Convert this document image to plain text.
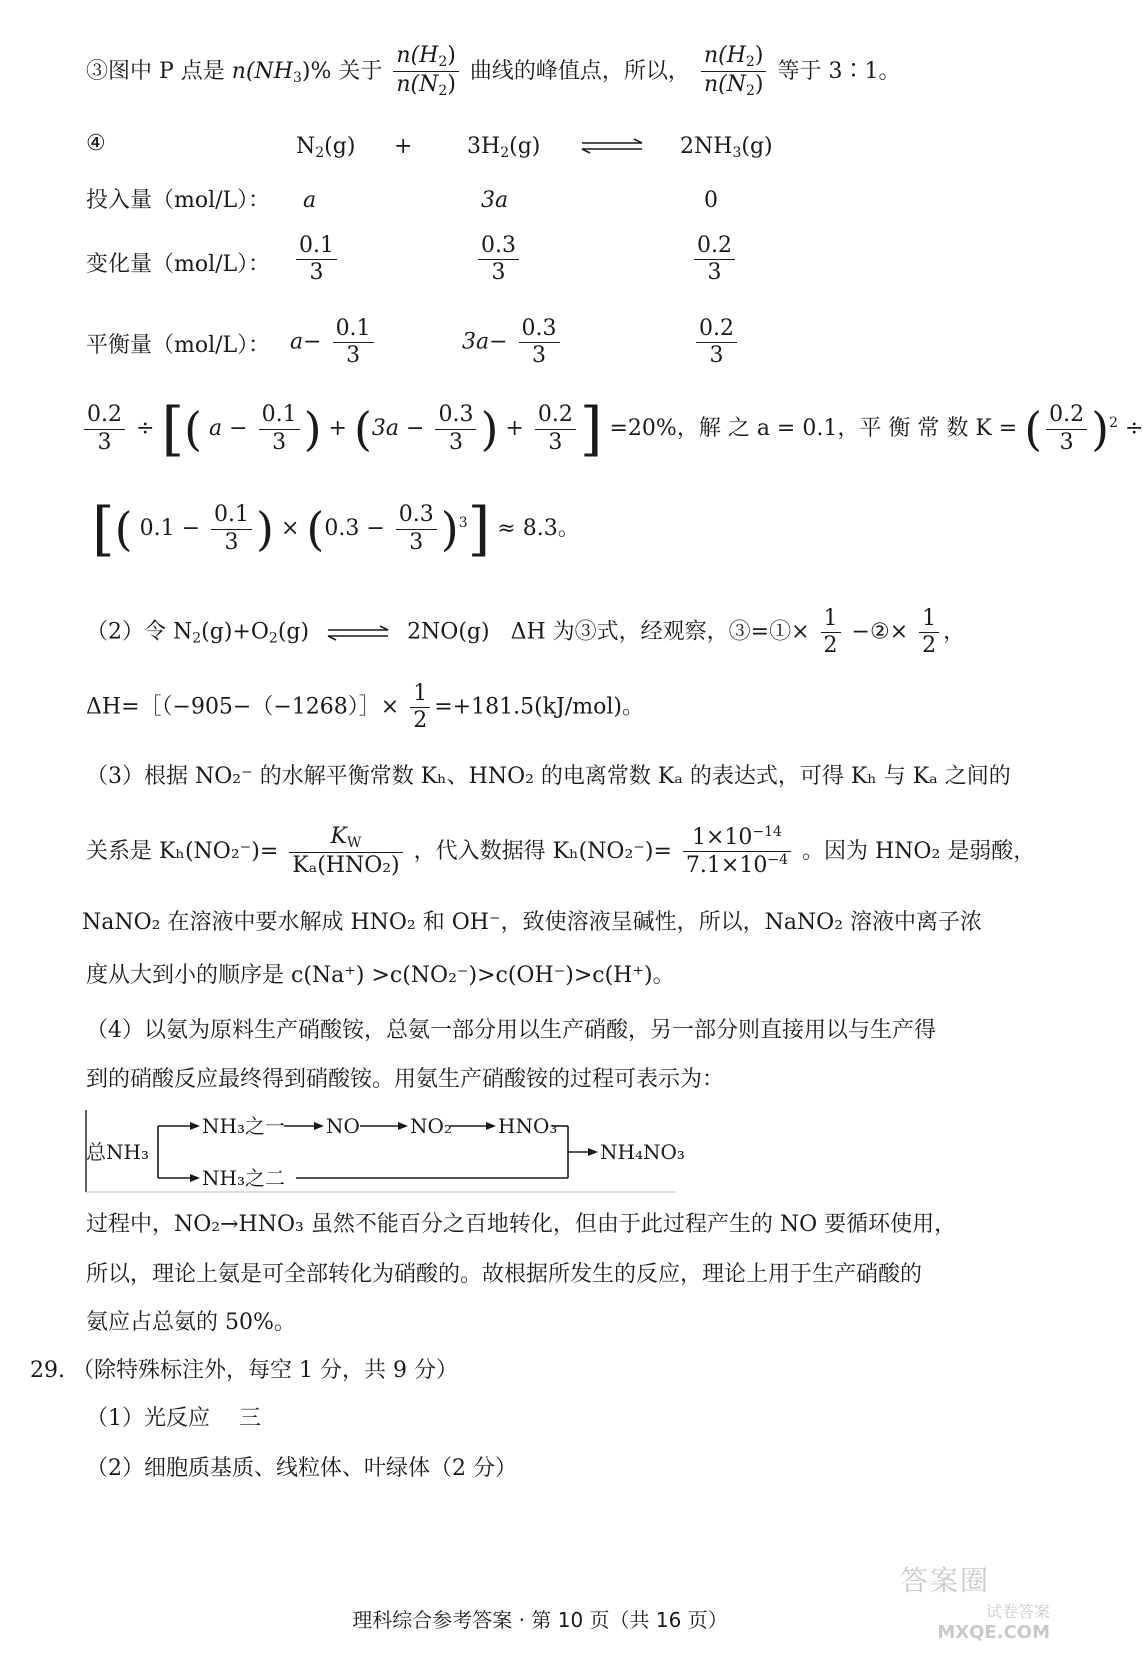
③图中 P 点是 $n(NH_3)\%$ 关于 $\frac{n(H_2)}{n(N_2)}$ 曲线的峰值点，所以， $\frac{n(H_2)}{n(N_2)}$ 等于 3∶1。
④	$N_2(g) + 3H_2(g)$	$2NH_3(g)$
投入量（mol/L）： a	3a	0
变化量（mol/L）： $\frac{0.1}{3}$	$\frac{0.3}{3}$	$\frac{0.2}{3}$
平衡量（mol/L）： $a- \frac{0.1}{3}$	$3a- \frac{0.3}{3}$	$\frac{0.2}{3}$
$\frac{0.2}{3}$ ÷ [( $a - \frac{0.1}{3}$ ) + ($3a - \frac{0.3}{3}$ ) + $\frac{0.2}{3}$ ] =20%，解 之 a = 0.1，平 衡 常 数 K = ( $\frac{0.2}{3} )^2$ ÷
[( $0.1 - \frac{0.1}{3}$ ) × $(0.3 - \frac{0.3}{3} )^3] \approx 8.3$。
（2）令 $N_2(g)+O_2(g)$ ⇌ 2NO(g) ΔH 为③式，经观察，③=①× $\frac{1}{2}$ −②× $\frac{1}{2}$ ，
ΔH=［（−905−（−1268）］× $\frac{1}{2} =+181.5(kJ/mol)$。
（3）根据 NO₂⁻ 的水解平衡常数 Kₕ、HNO₂ 的电离常数 Kₐ 的表达式，可得 Kₕ 与 Kₐ 之间的
关系是 $K_h(NO_2^-)= \frac{K_W}{\text{Kₐ(HNO₂)}}$ ，代入数据得 $K_h(NO_2^-)= \frac{1\times 10^{-14}}{7.1\times 10^{-4}}$ 。因为 HNO₂ 是弱酸，
NaNO₂ 在溶液中要水解成 HNO₂ 和 OH⁻，致使溶液呈碱性，所以，NaNO₂ 溶液中离子浓
度从大到小的顺序是 c(Na⁺) >c(NO₂⁻)>c(OH⁻)>c(H⁺)。
（4）以氨为原料生产硝酸铵，总氨一部分用以生产硝酸，另一部分则直接用以与生产得
到的硝酸反应最终得到硝酸铵。用氨生产硝酸铵的过程可表示为：
总NH₃
NH₃之一 NO	NO₂ HNO₃
NH₃之二
NH₄NO₃
过程中，NO₂→HNO₃ 虽然不能百分之百地转化，但由于此过程产生的 NO 要循环使用，
所以，理论上氨是可全部转化为硝酸的。故根据所发生的反应，理论上用于生产硝酸的
氨应占总氨的 50%。
29. （除特殊标注外，每空 1 分，共 9 分）
（1）光反应　 三
（2）细胞质基质、线粒体、叶绿体（2 分）
理科综合参考答案 · 第 10 页（共 16 页）
答案圈
试卷答案
MXQE.COM
